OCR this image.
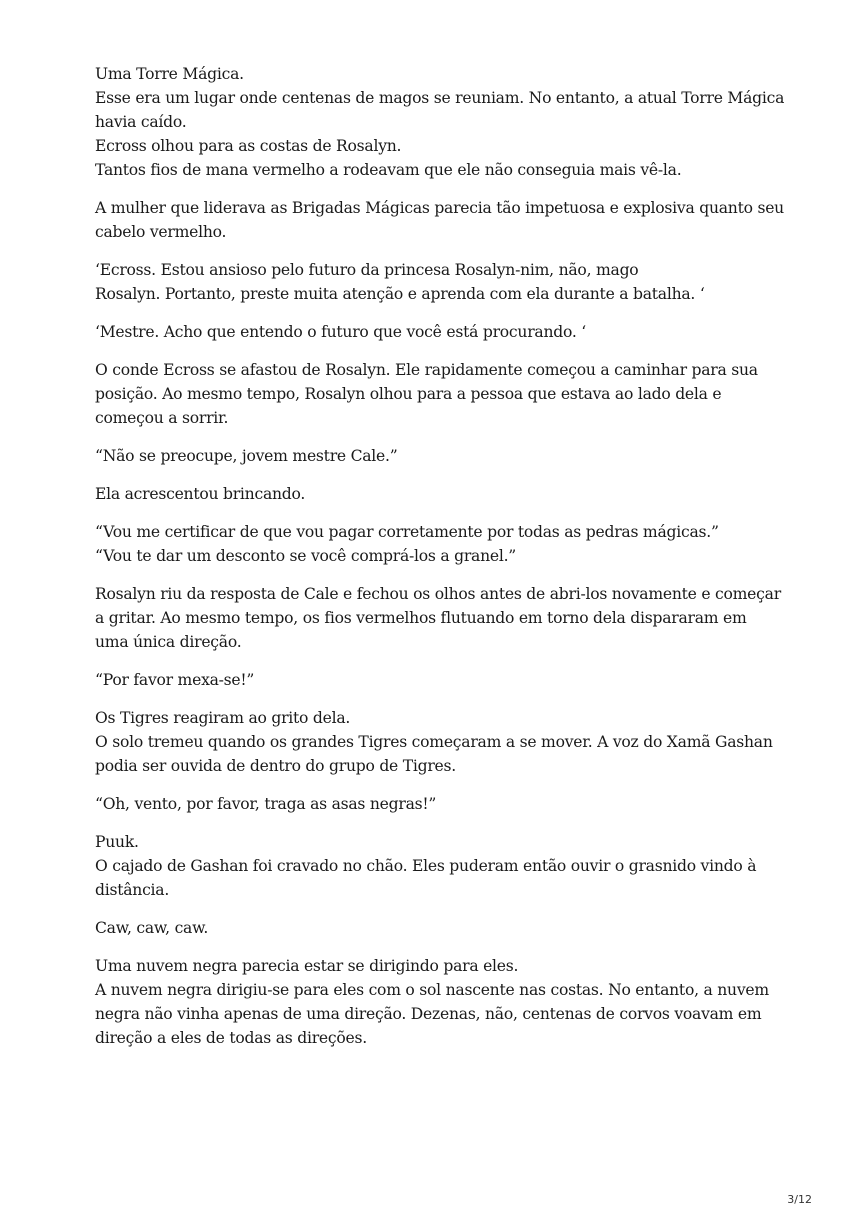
Uma Torre Mágica.
Esse era um lugar onde centenas de magos se reuniam. No entanto, a atual Torre Mágica
havia caído.
Ecross olhou para as costas de Rosalyn.
Tantos fios de mana vermelho a rodeavam que ele não conseguia mais vê-la.
A mulher que liderava as Brigadas Mágicas parecia tão impetuosa e explosiva quanto seu
cabelo vermelho.
‘Ecross. Estou ansioso pelo futuro da princesa Rosalyn-nim, não, mago
Rosalyn. Portanto, preste muita atenção e aprenda com ela durante a batalha. ‘
‘Mestre. Acho que entendo o futuro que você está procurando. ‘
O conde Ecross se afastou de Rosalyn. Ele rapidamente começou a caminhar para sua
posição. Ao mesmo tempo, Rosalyn olhou para a pessoa que estava ao lado dela e
começou a sorrir.
“Não se preocupe, jovem mestre Cale.”
Ela acrescentou brincando.
“Vou me certificar de que vou pagar corretamente por todas as pedras mágicas.”
“Vou te dar um desconto se você comprá-los a granel.”
Rosalyn riu da resposta de Cale e fechou os olhos antes de abri-los novamente e começar
a gritar. Ao mesmo tempo, os fios vermelhos flutuando em torno dela dispararam em
uma única direção.
“Por favor mexa-se!”
Os Tigres reagiram ao grito dela.
O solo tremeu quando os grandes Tigres começaram a se mover. A voz do Xamã Gashan
podia ser ouvida de dentro do grupo de Tigres.
“Oh, vento, por favor, traga as asas negras!”
Puuk.
O cajado de Gashan foi cravado no chão. Eles puderam então ouvir o grasnido vindo à
distância.
Caw, caw, caw.
Uma nuvem negra parecia estar se dirigindo para eles.
A nuvem negra dirigiu-se para eles com o sol nascente nas costas. No entanto, a nuvem
negra não vinha apenas de uma direção. Dezenas, não, centenas de corvos voavam em
direção a eles de todas as direções.
3/12
